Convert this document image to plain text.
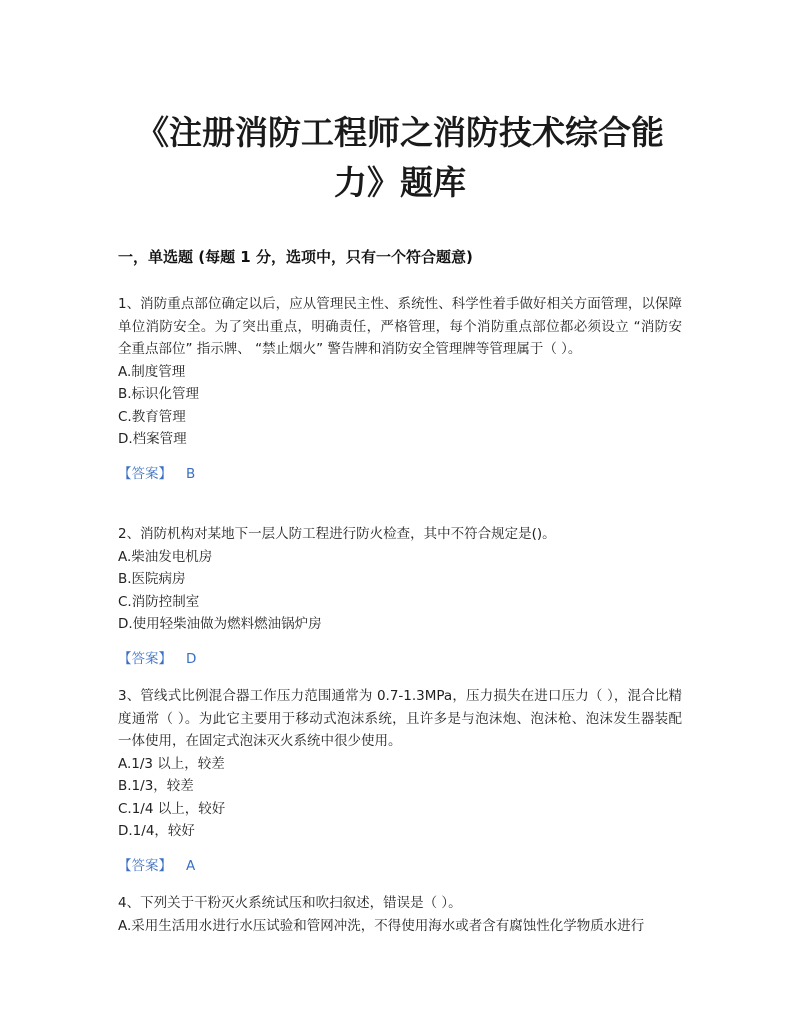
《注册消防工程师之消防技术综合能力》题库
一，单选题 (每题 1 分，选项中，只有一个符合题意)

1、消防重点部位确定以后，应从管理民主性、系统性、科学性着手做好相关方面管理，以保障单位消防安全。为了突出重点，明确责任，严格管理，每个消防重点部位都必须设立 “消防安全重点部位” 指示牌、 “禁止烟火” 警告牌和消防安全管理牌等管理属于（ ）。

A.制度管理

B.标识化管理

C.教育管理

D.档案管理

【答案】 B

2、消防机构对某地下一层人防工程进行防火检查，其中不符合规定是()。

A.柴油发电机房

B.医院病房

C.消防控制室

D.使用轻柴油做为燃料燃油锅炉房

【答案】 D

3、管线式比例混合器工作压力范围通常为 0.7-1.3MPa，压力损失在进口压力（ ），混合比精度通常（ ）。为此它主要用于移动式泡沫系统，且许多是与泡沫炮、泡沫枪、泡沫发生器装配一体使用，在固定式泡沫灭火系统中很少使用。

A.1/3 以上，较差

B.1/3，较差

C.1/4 以上，较好

D.1/4，较好

【答案】 A

4、下列关于干粉灭火系统试压和吹扫叙述，错误是（ ）。

A.采用生活用水进行水压试验和管网冲洗，不得使用海水或者含有腐蚀性化学物质水进行
